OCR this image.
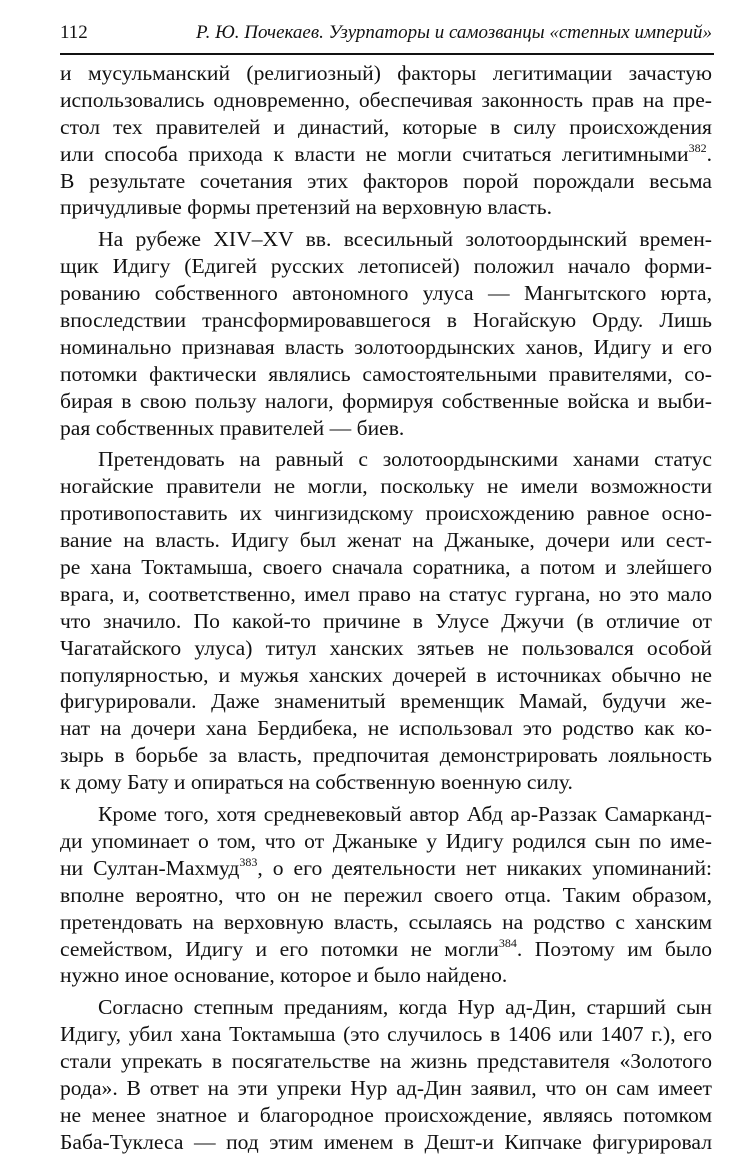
112	Р. Ю. Почекаев. Узурпаторы и самозванцы «степных империй»
и мусульманский (религиозный) факторы легитимации зачастую
использовались одновременно, обеспечивая законность прав на пре-
стол тех правителей и династий, которые в силу происхождения
или способа прихода к власти не могли считаться легитимными$^{382}$.
В результате сочетания этих факторов порой порождали весьма
причудливые формы претензий на верховную власть.
На рубеже XIV–XV вв. всесильный золотоордынский времен-
щик Идигу (Едигей русских летописей) положил начало форми-
рованию собственного автономного улуса — Мангытского юрта,
впоследствии трансформировавшегося в Ногайскую Орду. Лишь
номинально признавая власть золотоордынских ханов, Идигу и его
потомки фактически являлись самостоятельными правителями, со-
бирая в свою пользу налоги, формируя собственные войска и выби-
рая собственных правителей — биев.
Претендовать на равный с золотоордынскими ханами статус
ногайские правители не могли, поскольку не имели возможности
противопоставить их чингизидскому происхождению равное осно-
вание на власть. Идигу был женат на Джаныке, дочери или сест-
ре хана Токтамыша, своего сначала соратника, а потом и злейшего
врага, и, соответственно, имел право на статус гургана, но это мало
что значило. По какой-то причине в Улусе Джучи (в отличие от
Чагатайского улуса) титул ханских зятьев не пользовался особой
популярностью, и мужья ханских дочерей в источниках обычно не
фигурировали. Даже знаменитый временщик Мамай, будучи же-
нат на дочери хана Бердибека, не использовал это родство как ко-
зырь в борьбе за власть, предпочитая демонстрировать лояльность
к дому Бату и опираться на собственную военную силу.
Кроме того, хотя средневековый автор Абд ар-Раззак Самарканд-
ди упоминает о том, что от Джаныке у Идигу родился сын по име-
ни Султан-Махмуд$^{383}$, о его деятельности нет никаких упоминаний:
вполне вероятно, что он не пережил своего отца. Таким образом,
претендовать на верховную власть, ссылаясь на родство с ханским
семейством, Идигу и его потомки не могли$^{384}$. Поэтому им было
нужно иное основание, которое и было найдено.
Согласно степным преданиям, когда Нур ад-Дин, старший сын
Идигу, убил хана Токтамыша (это случилось в 1406 или 1407 г.), его
стали упрекать в посягательстве на жизнь представителя «Золотого
рода». В ответ на эти упреки Нур ад-Дин заявил, что он сам имеет
не менее знатное и благородное происхождение, являясь потомком
Баба-Туклеса — под этим именем в Дешт-и Кипчаке фигурировал
